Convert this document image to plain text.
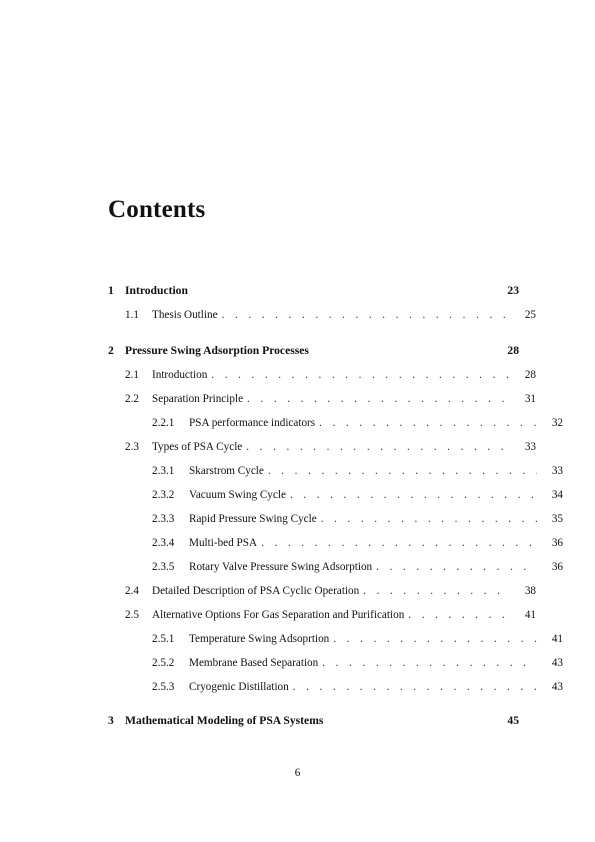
Contents
1 Introduction	23
1.1	Thesis Outline . . .	25
2 Pressure Swing Adsorption Processes	28
2.1	Introduction . . .	28
2.2	Separation Principle . . .	31
2.2.1	PSA performance indicators . . .	32
2.3	Types of PSA Cycle . . .	33
2.3.1	Skarstrom Cycle . . .	33
2.3.2	Vacuum Swing Cycle . . .	34
2.3.3	Rapid Pressure Swing Cycle . . .	35
2.3.4	Multi-bed PSA . . .	36
2.3.5	Rotary Valve Pressure Swing Adsorption . . .	36
2.4	Detailed Description of PSA Cyclic Operation . . .	38
2.5	Alternative Options For Gas Separation and Purification . . .	41
2.5.1	Temperature Swing Adsoprtion . . .	41
2.5.2	Membrane Based Separation . . .	43
2.5.3	Cryogenic Distillation . . .	43
3 Mathematical Modeling of PSA Systems	45
6
